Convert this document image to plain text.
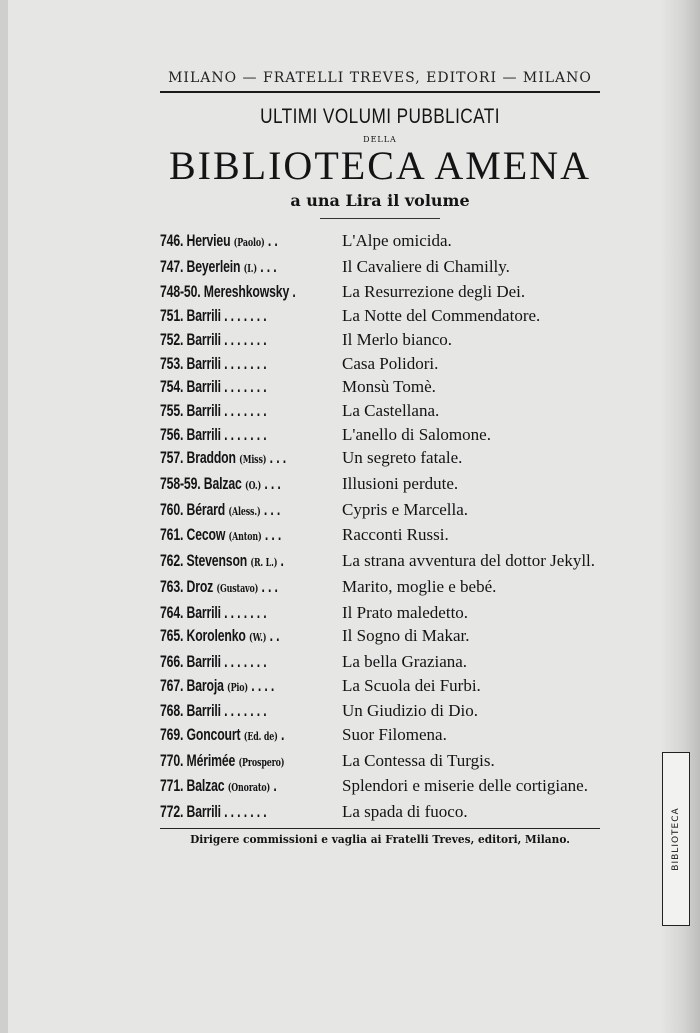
MILANO — FRATELLI TREVES, EDITORI — MILANO
ULTIMI VOLUMI PUBBLICATI
DELLA
BIBLIOTECA AMENA
a una Lira il volume
746. Hervieu (Paolo) . .	L'Alpe omicida.
747. Beyerlein (I.) . . .	Il Cavaliere di Chamilly.
748-50. Mereshkowsky .	La Resurrezione degli Dei.
751. Barrili . . . . . . .	La Notte del Commendatore.
752. Barrili . . . . . . .	Il Merlo bianco.
753. Barrili . . . . . . .	Casa Polidori.
754. Barrili . . . . . . .	Monsù Tomè.
755. Barrili . . . . . . .	La Castellana.
756. Barrili . . . . . . .	L'anello di Salomone.
757. Braddon (Miss) . . .	Un segreto fatale.
758-59. Balzac (O.) . . .	Illusioni perdute.
760. Bérard (Aless.) . . .	Cypris e Marcella.
761. Cecow (Anton) . . .	Racconti Russi.
762. Stevenson (R. L.) .	La strana avventura del dottor Jekyll.
763. Droz (Gustavo) . . .	Marito, moglie e bebé.
764. Barrili . . . . . . .	Il Prato maledetto.
765. Korolenko (W.) . .	Il Sogno di Makar.
766. Barrili . . . . . . .	La bella Graziana.
767. Baroja (Pio) . . . .	La Scuola dei Furbi.
768. Barrili . . . . . . .	Un Giudizio di Dio.
769. Goncourt (Ed. de) .	Suor Filomena.
770. Mérimée (Prospero)	La Contessa di Turgis.
771. Balzac (Onorato) .	Splendori e miserie delle cortigiane.
772. Barrili . . . . . . .	La spada di fuoco.
Dirigere commissioni e vaglia ai Fratelli Treves, editori, Milano.	BIBLIOTECA
